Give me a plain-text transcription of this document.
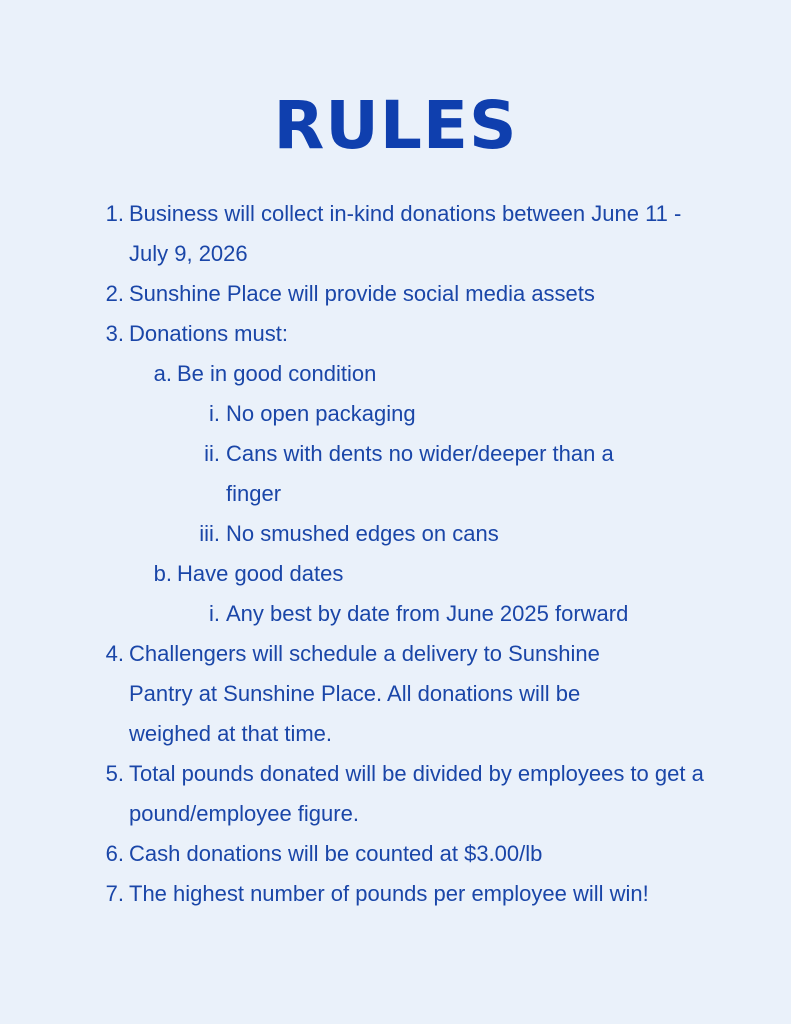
RULES
1. Business will collect in-kind donations between June 11 - July 9, 2026
2. Sunshine Place will provide social media assets
3. Donations must:
a. Be in good condition
i. No open packaging
ii. Cans with dents no wider/deeper than a finger
iii. No smushed edges on cans
b. Have good dates
i. Any best by date from June 2025 forward
4. Challengers will schedule a delivery to Sunshine Pantry at Sunshine Place. All donations will be weighed at that time.
5. Total pounds donated will be divided by employees to get a pound/employee figure.
6. Cash donations will be counted at $3.00/lb
7. The highest number of pounds per employee will win!
